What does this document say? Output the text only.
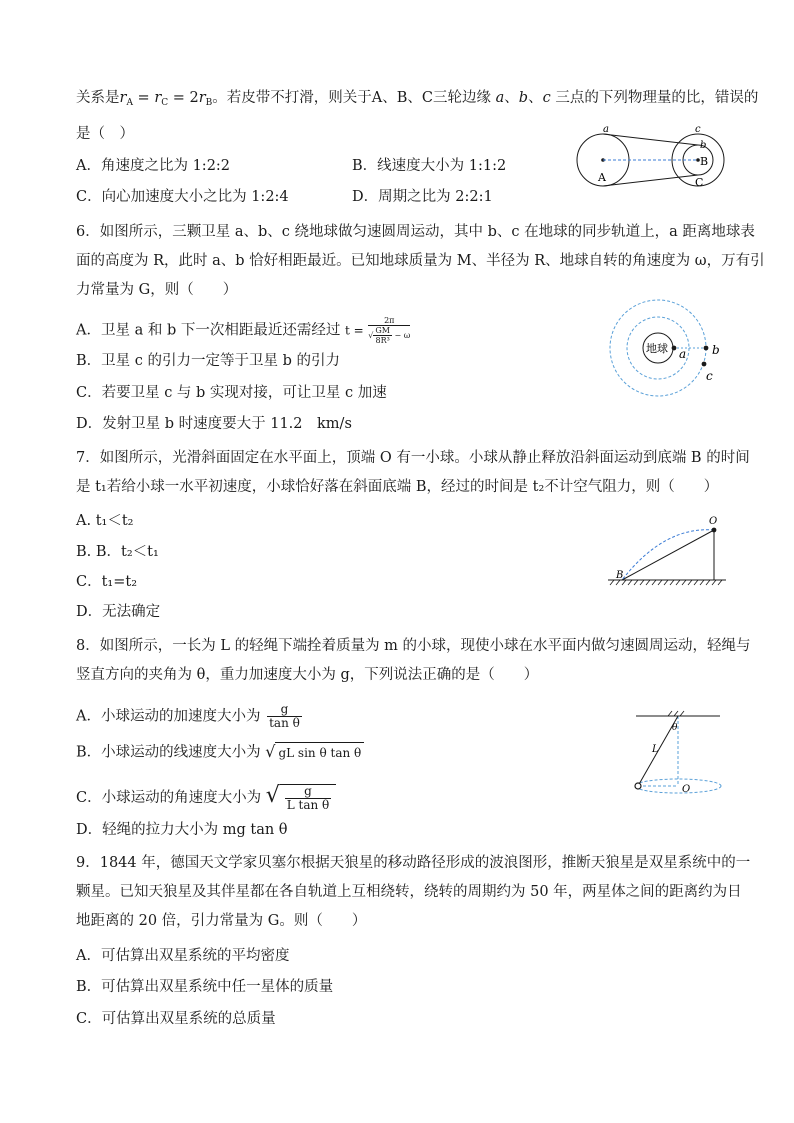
关系是$r_A = r_C = 2r_B$。若皮带不打滑，则关于A、B、C三轮边缘 a、b、c 三点的下列物理量的比，错误的
是（　）
A．角速度之比为 1:2:2	B．线速度大小为 1:1:2
C．向心加速度大小之比为 1:2:4	D．周期之比为 2:2:1
a
A
c
b
B
C
6．如图所示，三颗卫星 a、b、c 绕地球做匀速圆周运动，其中 b、c 在地球的同步轨道上，a 距离地球表
面的高度为 R，此时 a、b 恰好相距最近。已知地球质量为 M、半径为 R、地球自转的角速度为 ω，万有引
力常量为 G，则（　　）
A．卫星 a 和 b 下一次相距最近还需经过 $t = \frac{2\pi}{√ \frac{GM}{\text{8R³}} - \omega}$
B．卫星 c 的引力一定等于卫星 b 的引力
C．若要卫星 c 与 b 实现对接，可让卫星 c 加速
D．发射卫星 b 时速度要大于 11.2　km/s
地球 a b
c
7．如图所示，光滑斜面固定在水平面上，顶端 O 有一小球。小球从静止释放沿斜面运动到底端 B 的时间
是 t₁若给小球一水平初速度，小球恰好落在斜面底端 B，经过的时间是 t₂不计空气阻力，则（　　）
A. t₁＜t₂
B. B．t₂＜t₁
C．t₁=t₂
D．无法确定
O
B
8．如图所示，一长为 L 的轻绳下端拴着质量为 m 的小球，现使小球在水平面内做匀速圆周运动，轻绳与
竖直方向的夹角为 θ，重力加速度大小为 g，下列说法正确的是（　　）
A．小球运动的加速度大小为 $\frac{g}{\text{tan θ}}$
B．小球运动的线速度大小为 √ gL sin θ tan θ
C．小球运动的角速度大小为 √ $\frac{g}{\text{L tan θ}}$
D．轻绳的拉力大小为 mg tan θ
L
θ
O
9．1844 年，德国天文学家贝塞尔根据天狼星的移动路径形成的波浪图形，推断天狼星是双星系统中的一
颗星。已知天狼星及其伴星都在各自轨道上互相绕转，绕转的周期约为 50 年，两星体之间的距离约为日
地距离的 20 倍，引力常量为 G。则（　　）
A．可估算出双星系统的平均密度
B．可估算出双星系统中任一星体的质量
C．可估算出双星系统的总质量
